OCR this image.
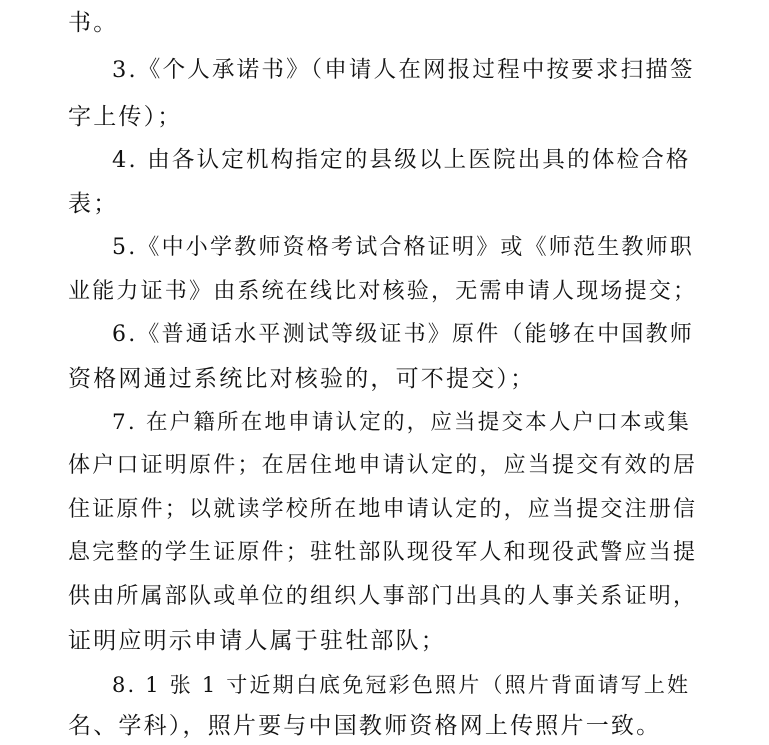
书。
3.《个人承诺书》（申请人在网报过程中按要求扫描签
字上传）；
4. 由各认定机构指定的县级以上医院出具的体检合格
表；
5.《中小学教师资格考试合格证明》或《师范生教师职
业能力证书》由系统在线比对核验，无需申请人现场提交；
6.《普通话水平测试等级证书》原件（能够在中国教师
资格网通过系统比对核验的，可不提交）；
7. 在户籍所在地申请认定的，应当提交本人户口本或集
体户口证明原件；在居住地申请认定的，应当提交有效的居
住证原件；以就读学校所在地申请认定的，应当提交注册信
息完整的学生证原件；驻牡部队现役军人和现役武警应当提
供由所属部队或单位的组织人事部门出具的人事关系证明，
证明应明示申请人属于驻牡部队；
8. 1 张 1 寸近期白底免冠彩色照片（照片背面请写上姓
名、学科），照片要与中国教师资格网上传照片一致。
